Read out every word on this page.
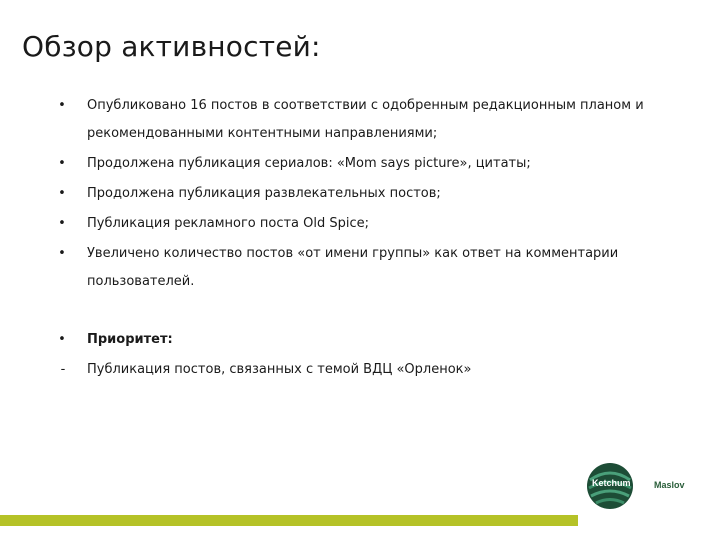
Обзор активностей:
• Опубликовано 16 постов в соответствии с одобренным редакционным планом и рекомендованными контентными направлениями;
• Продолжена публикация сериалов: «Mom says picture», цитаты;
• Продолжена публикация развлекательных постов;
• Публикация рекламного поста Old Spice;
• Увеличено количество постов «от имени группы» как ответ на комментарии пользователей.
• Приоритет:
- Публикация постов, связанных с темой ВДЦ «Орленок»
Ketchum	Maslov
